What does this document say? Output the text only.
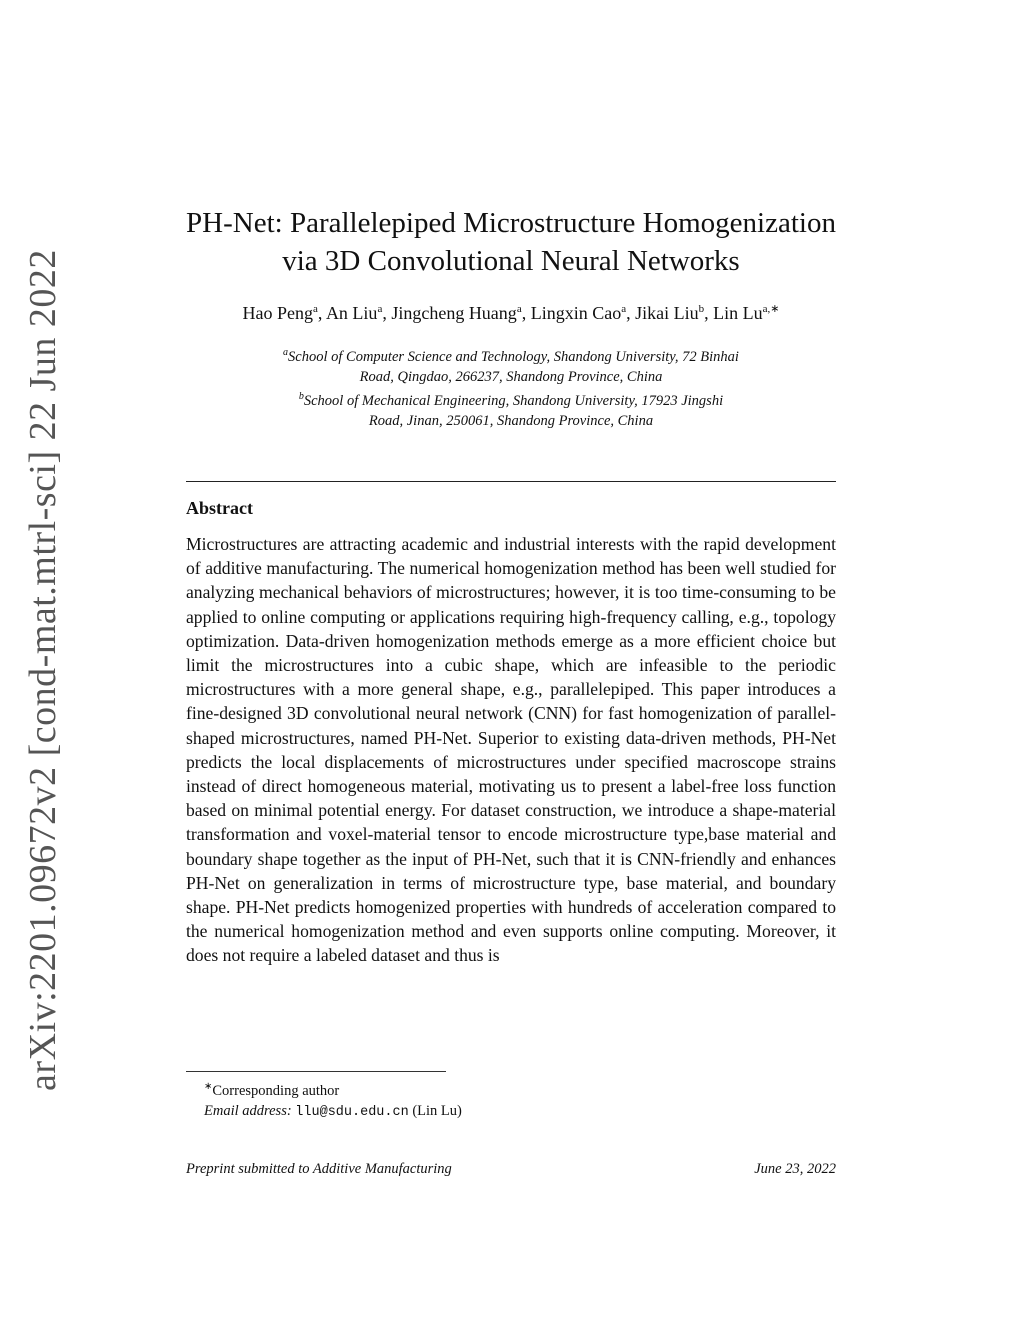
arXiv:2201.09672v2 [cond-mat.mtrl-sci] 22 Jun 2022
PH-Net: Parallelepiped Microstructure Homogenization
via 3D Convolutional Neural Networks
Hao Peng$^a$, An Liu$^a$, Jingcheng Huang$^a$, Lingxin Cao$^a$, Jikai Liu$^b$, Lin $Lu^{a,∗}$
$^a$School of Computer Science and Technology, Shandong University, 72 Binhai
Road, Qingdao, 266237, Shandong Province, China
$^b$School of Mechanical Engineering, Shandong University, 17923 Jingshi
Road, Jinan, 250061, Shandong Province, China
Abstract
Microstructures are attracting academic and industrial interests with the rapid development of additive manufacturing. The numerical homogenization method has been well studied for analyzing mechanical behaviors of microstructures; however, it is too time-consuming to be applied to online computing or applications requiring high-frequency calling, e.g., topology optimization. Data-driven homogenization methods emerge as a more efficient choice but limit the microstructures into a cubic shape, which are infeasible to the periodic microstructures with a more general shape, e.g., parallelepiped. This paper introduces a fine-designed 3D convolutional neural network (CNN) for fast homogenization of parallel-shaped microstructures, named PH-Net. Superior to existing data-driven methods, PH-Net predicts the local displacements of microstructures under specified macroscope strains instead of direct homogeneous material, motivating us to present a label-free loss function based on minimal potential energy. For dataset construction, we introduce a shape-material transformation and voxel-material tensor to encode microstructure type,base material and boundary shape together as the input of PH-Net, such that it is CNN-friendly and enhances PH-Net on generalization in terms of microstructure type, base material, and boundary shape. PH-Net predicts homogenized properties with hundreds of acceleration compared to the numerical homogenization method and even supports online computing. Moreover, it does not require a labeled dataset and thus is
∗Corresponding author
Email address: llu@sdu.edu.cn (Lin Lu)
Preprint submitted to Additive Manufacturing	June 23, 2022
